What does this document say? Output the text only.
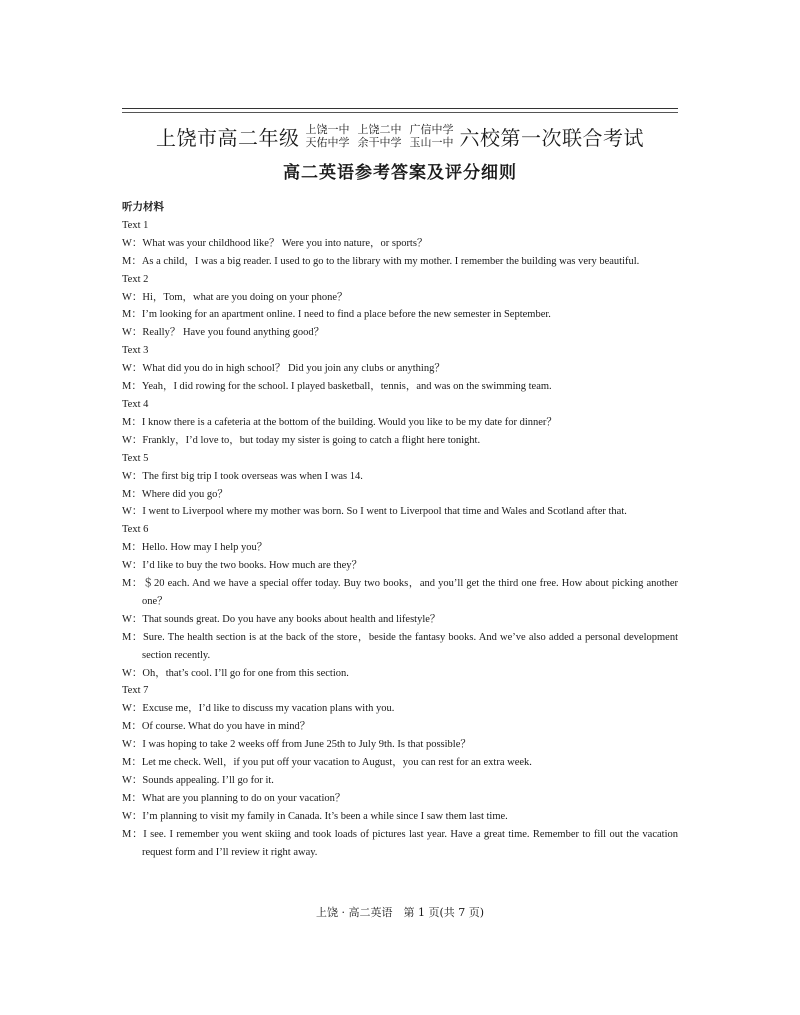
上饶市高二年级 上饶一中
天佑中学
上饶二中
余干中学
广信中学
玉山一中 六校第一次联合考试
高二英语参考答案及评分细则
听力材料
Text 1
W：What was your childhood like？ Were you into nature，or sports？
M：As a child，I was a big reader. I used to go to the library with my mother. I remember the building was very beautiful.
Text 2
W：Hi，Tom，what are you doing on your phone？
M：I’m looking for an apartment online. I need to find a place before the new semester in September.
W：Really？ Have you found anything good？
Text 3
W：What did you do in high school？ Did you join any clubs or anything？
M：Yeah，I did rowing for the school. I played basketball，tennis，and was on the swimming team.
Text 4
M：I know there is a cafeteria at the bottom of the building. Would you like to be my date for dinner？
W：Frankly，I’d love to，but today my sister is going to catch a flight here tonight.
Text 5
W：The first big trip I took overseas was when I was 14.
M：Where did you go？
W：I went to Liverpool where my mother was born. So I went to Liverpool that time and Wales and Scotland after that.
Text 6
M：Hello. How may I help you？
W：I’d like to buy the two books. How much are they？
M：＄20 each. And we have a special offer today. Buy two books，and you’ll get the third one free. How about picking another one？
W：That sounds great. Do you have any books about health and lifestyle？
M：Sure. The health section is at the back of the store，beside the fantasy books. And we’ve also added a personal development section recently.
W：Oh，that’s cool. I’ll go for one from this section.
Text 7
W：Excuse me，I’d like to discuss my vacation plans with you.
M：Of course. What do you have in mind？
W：I was hoping to take 2 weeks off from June 25th to July 9th. Is that possible？
M：Let me check. Well，if you put off your vacation to August，you can rest for an extra week.
W：Sounds appealing. I’ll go for it.
M：What are you planning to do on your vacation？
W：I’m planning to visit my family in Canada. It’s been a while since I saw them last time.
M：I see. I remember you went skiing and took loads of pictures last year. Have a great time. Remember to fill out the vacation request form and I’ll review it right away.
上饶 · 高二英语　第 1 页(共 7 页)
